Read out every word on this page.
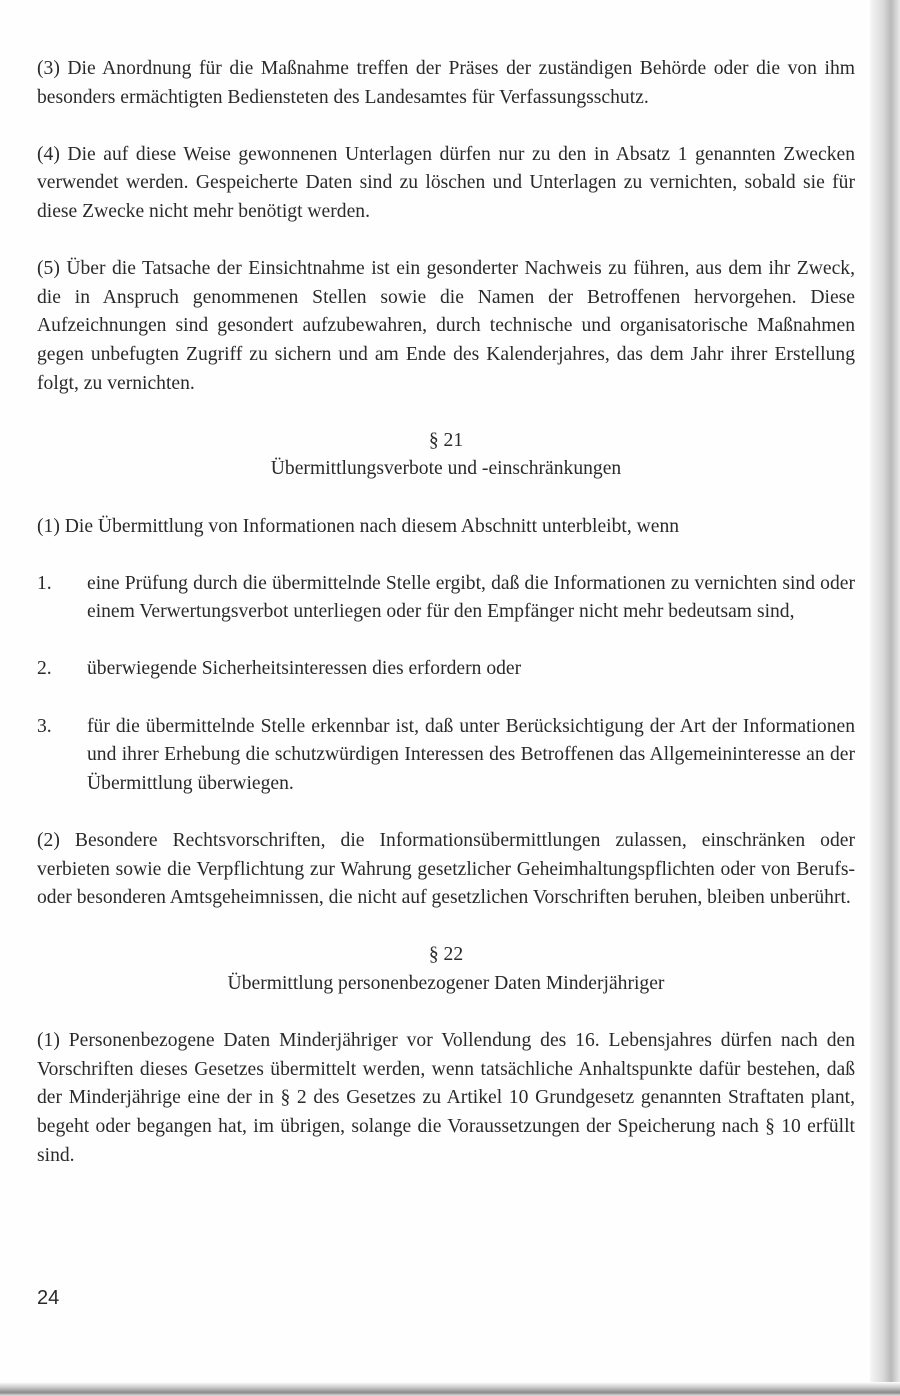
(3) Die Anordnung für die Maßnahme treffen der Präses der zuständigen Behörde oder die von ihm besonders ermächtigten Bediensteten des Landesamtes für Verfassungsschutz.

(4) Die auf diese Weise gewonnenen Unterlagen dürfen nur zu den in Absatz 1 genannten Zwecken verwendet werden. Gespeicherte Daten sind zu löschen und Unterlagen zu vernichten, sobald sie für diese Zwecke nicht mehr benötigt werden.

(5) Über die Tatsache der Einsichtnahme ist ein gesonderter Nachweis zu führen, aus dem ihr Zweck, die in Anspruch genommenen Stellen sowie die Namen der Betroffenen hervorgehen. Diese Aufzeichnungen sind gesondert aufzubewahren, durch technische und organisatorische Maßnahmen gegen unbefugten Zugriff zu sichern und am Ende des Kalenderjahres, das dem Jahr ihrer Erstellung folgt, zu vernichten.

§ 21
Übermittlungsverbote und -einschränkungen

(1) Die Übermittlung von Informationen nach diesem Abschnitt unterbleibt, wenn

1.	eine Prüfung durch die übermittelnde Stelle ergibt, daß die Informationen zu vernichten sind oder einem Verwertungsverbot unterliegen oder für den Empfänger nicht mehr bedeutsam sind,
2.	überwiegende Sicherheitsinteressen dies erfordern oder
3.	für die übermittelnde Stelle erkennbar ist, daß unter Berücksichtigung der Art der Informationen und ihrer Erhebung die schutzwürdigen Interessen des Betroffenen das Allgemeininteresse an der Übermittlung überwiegen.

(2) Besondere Rechtsvorschriften, die Informationsübermittlungen zulassen, einschränken oder verbieten sowie die Verpflichtung zur Wahrung gesetzlicher Geheimhaltungspflichten oder von Berufs- oder besonderen Amtsgeheimnissen, die nicht auf gesetzlichen Vorschriften beruhen, bleiben unberührt.

§ 22
Übermittlung personenbezogener Daten Minderjähriger

(1) Personenbezogene Daten Minderjähriger vor Vollendung des 16. Lebensjahres dürfen nach den Vorschriften dieses Gesetzes übermittelt werden, wenn tatsächliche Anhaltspunkte dafür bestehen, daß der Minderjährige eine der in § 2 des Gesetzes zu Artikel 10 Grundgesetz genannten Straftaten plant, begeht oder begangen hat, im übrigen, solange die Voraussetzungen der Speicherung nach § 10 erfüllt sind.

24
